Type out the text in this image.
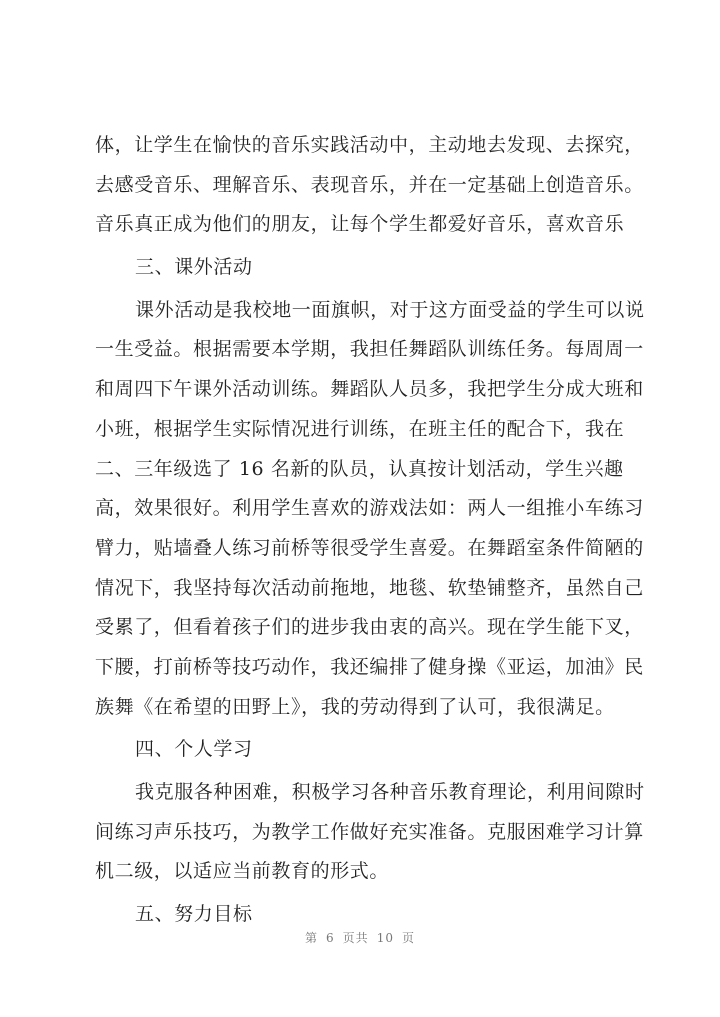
体，让学生在愉快的音乐实践活动中，主动地去发现、去探究，
去感受音乐、理解音乐、表现音乐，并在一定基础上创造音乐。
音乐真正成为他们的朋友，让每个学生都爱好音乐，喜欢音乐
三、课外活动
课外活动是我校地一面旗帜，对于这方面受益的学生可以说
一生受益。根据需要本学期，我担任舞蹈队训练任务。每周周一
和周四下午课外活动训练。舞蹈队人员多，我把学生分成大班和
小班，根据学生实际情况进行训练，在班主任的配合下，我在
二、三年级选了 16 名新的队员，认真按计划活动，学生兴趣
高，效果很好。利用学生喜欢的游戏法如：两人一组推小车练习
臂力，贴墙叠人练习前桥等很受学生喜爱。在舞蹈室条件简陋的
情况下，我坚持每次活动前拖地，地毯、软垫铺整齐，虽然自己
受累了，但看着孩子们的进步我由衷的高兴。现在学生能下叉，
下腰，打前桥等技巧动作，我还编排了健身操《亚运，加油》民
族舞《在希望的田野上》，我的劳动得到了认可，我很满足。
四、个人学习
我克服各种困难，积极学习各种音乐教育理论，利用间隙时
间练习声乐技巧，为教学工作做好充实准备。克服困难学习计算
机二级，以适应当前教育的形式。
五、努力目标
第 6 页共 10 页
